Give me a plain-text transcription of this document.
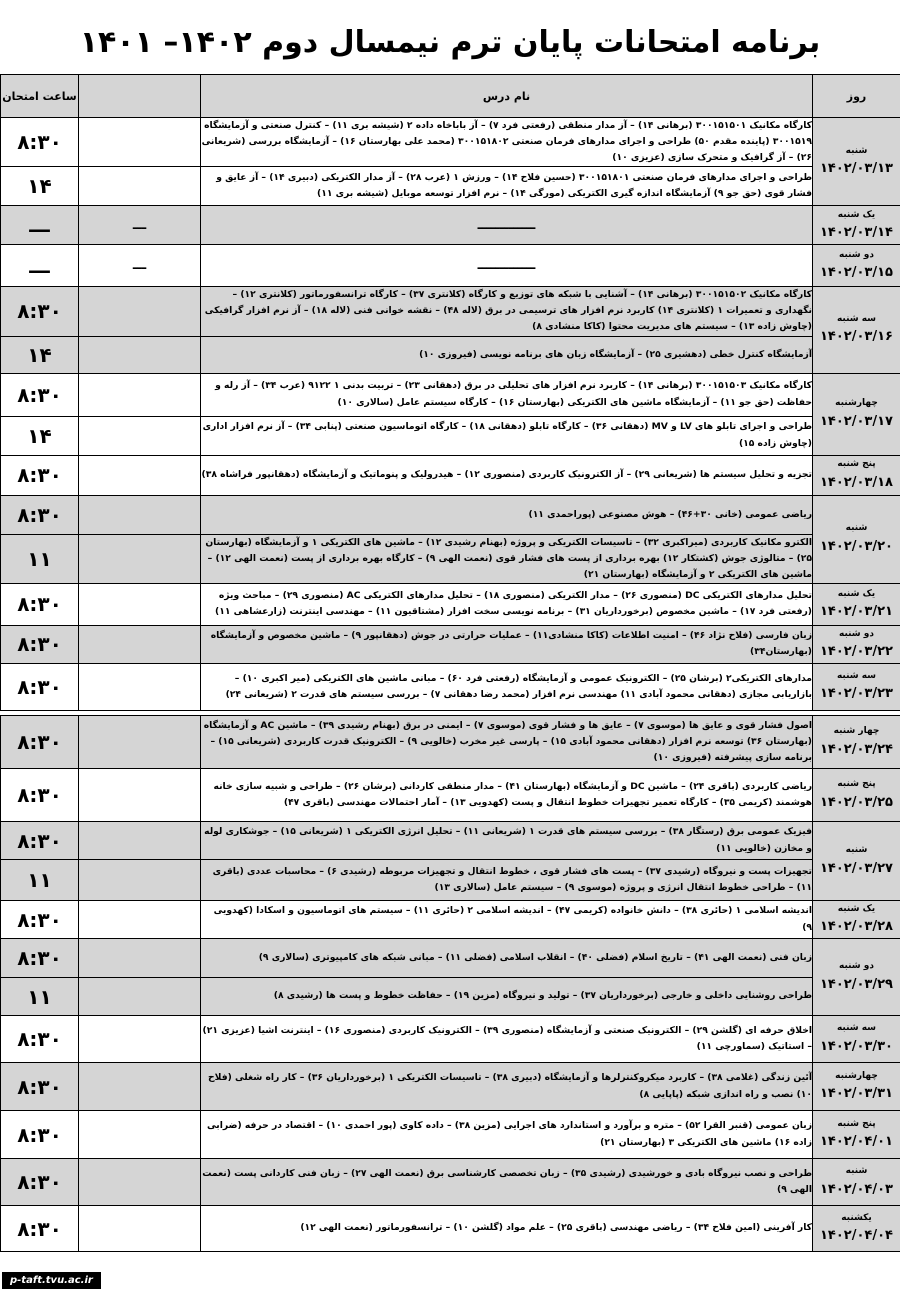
برنامه امتحانات پایان ترم نیمسال دوم ۱۴۰۲– ۱۴۰۱
روز	نام درس		ساعت امتحان

شنبه
۱۴۰۲/۰۳/۱۳	کارگاه مکانیک ۳۰۰۱۵۱۵۰۱ (برهانی ۱۴) – آز مدار منطقی (رفعتی فرد ۷) – آز باباخاه داده ۲ (شیشه بری ۱۱) – کنترل صنعتی و آزمایشگاه ۳۰۰۱۵۱۹ (پاینده مقدم ۵۰) طراحی و اجرای مدارهای فرمان صنعتی ۳۰۰۱۵۱۸۰۲ (محمد علی بهارستان ۱۶) – آزمایشگاه بررسی (شریعانی ۲۶) – آز گرافیک و متحرک سازی (عزیزی ۱۰)		۸:۳۰
	طراحی و اجرای مدارهای فرمان صنعتی ۳۰۰۱۵۱۸۰۱ (حسین فلاح ۱۴) – ورزش ۱ (عرب ۲۸) – آز مدار الکتریکی (دبیری ۱۴) – آز عایق و فشار قوی (حق جو ۹) آزمایشگاه اندازه گیری الکتریکی (مورگی ۱۴) – نرم افزار توسعه موبایل (شیشه بری ۱۱)		۱۴

یک شنبه
۱۴۰۲/۰۳/۱۴	ـــــــــــــ	ـــ	ـــ

دو شنبه
۱۴۰۲/۰۳/۱۵	ـــــــــــــ	ـــ	ـــ

سه شنبه
۱۴۰۲/۰۳/۱۶	کارگاه مکانیک ۳۰۰۱۵۱۵۰۲ (برهانی ۱۴) – آشنایی با شبکه های توزیع و کارگاه (کلانتری ۳۷) – کارگاه ترانسفورماتور (کلانتری ۱۲) – نگهداری و تعمیرات ۱ (کلانتری ۱۴) کاربرد نرم افزار های ترسیمی در برق (لاله ۴۸) – نقشه خوانی فنی (لاله ۱۸) – آز نرم افزار گرافیکی (چاوش زاده ۱۳) – سیستم های مدیریت محتوا (کاکا منشادی ۸)		۸:۳۰
	آزمایشگاه کنترل خطی (دهشیری ۲۵) – آزمایشگاه زبان های برنامه نویسی (فیروزی ۱۰)		۱۴

چهارشنبه
۱۴۰۲/۰۳/۱۷	کارگاه مکانیک ۳۰۰۱۵۱۵۰۳ (برهانی ۱۴) – کاربرد نرم افزار های تحلیلی در برق (دهقانی ۲۳) – تربیت بدنی ۱ ۹۱۲۲ (عرب ۳۴) – آز رله و حفاظت (حق جو ۱۱) – آزمایشگاه ماشین های الکتریکی (بهارستان ۱۶) – کارگاه سیستم عامل (سالاری ۱۰)		۸:۳۰
	طراحی و اجرای تابلو های LV و MV (دهقانی ۳۶) – کارگاه تابلو (دهقانی ۱۸) – کارگاه اتوماسیون صنعتی (پنابی ۳۴) – آز نرم افزار اداری (چاوش زاده ۱۵)		۱۴

پنج شنبه
۱۴۰۲/۰۳/۱۸	تجزیه و تحلیل سیستم ها (شریعانی ۲۹) – آز الکترونیک کاربردی (منصوری ۱۲) – هیدرولیک و پنوماتیک و آزمایشگاه (دهقانپور فراشاه ۳۸)		۸:۳۰

شنبه
۱۴۰۲/۰۳/۲۰	ریاضی عمومی (خانی ۳۰+۴۶) – هوش مصنوعی (پوراحمدی ۱۱)		۸:۳۰
	الکترو مکانیک کاربردی (میراکبری ۳۲) – تاسیسات الکتریکی و پروژه (بهنام رشیدی ۱۲) – ماشین های الکتریکی ۱ و آزمایشگاه (بهارستان ۲۵) – متالوژی جوش (کشتکار ۱۲) بهره برداری از پست های فشار قوی (نعمت الهی ۹) – کارگاه بهره برداری از پست (نعمت الهی ۱۲) – ماشین های الکتریکی ۲ و آزمایشگاه (بهارستان ۲۱)		۱۱

یک شنبه
۱۴۰۲/۰۳/۲۱	تحلیل مدارهای الکتریکی DC (منصوری ۲۶) – مدار الکتریکی (منصوری ۱۸) – تحلیل مدارهای الکتریکی AC (منصوری ۲۹) – مباحث ویژه (رفعتی فرد ۱۷) – ماشین مخصوص (برخورداریان ۳۱) – برنامه نویسی سخت افزار (مشتاقیون ۱۱) – مهندسی اینترنت (زارعشاهی ۱۱)		۸:۳۰

دو شنبه
۱۴۰۲/۰۳/۲۲	زبان فارسی (فلاح نژاد ۴۶) – امنیت اطلاعات (کاکا منشادی۱۱) – عملیات حرارتی در جوش (دهقانپور ۹) – ماشین مخصوص و آزمایشگاه (بهارستان۳۴)		۸:۳۰

سه شنبه
۱۴۰۲/۰۳/۲۳	مدارهای الکتریکی۲ (برشان ۲۵) – الکترونیک عمومی و آزمایشگاه (رفعتی فرد ۶۰) – مبانی ماشین های الکتریکی (میر اکبری ۱۰) – بازاریابی مجازی (دهقانی محمود آبادی ۱۱) مهندسی نرم افزار (محمد رضا دهقانی ۷) – بررسی سیستم های قدرت ۲ (شریعانی ۲۴)		۸:۳۰
چهار شنبه
۱۴۰۲/۰۳/۲۴	اصول فشار قوی و عایق ها (موسوی ۷) – عایق ها و فشار قوی (موسوی ۷) – ایمنی در برق (بهنام رشیدی ۳۹) – ماشین AC و آزمایشگاه (بهارستان ۳۶) توسعه نرم افزار (دهقانی محمود آبادی ۱۵) – پارسی غیر مخرب (خالویی ۹) – الکترونیک قدرت کاربردی (شریعانی ۱۵) – برنامه سازی پیشرفته (فیروزی ۱۰)		۸:۳۰

پنج شنبه
۱۴۰۲/۰۳/۲۵	ریاضی کاربردی (باقری ۲۴) – ماشین DC و آزمایشگاه (بهارستان ۴۱) – مدار منطقی کاردانی (برشان ۲۶) – طراحی و شبیه سازی خانه هوشمند (کریمی ۳۵) – کارگاه تعمیر تجهیزات خطوط انتقال و پست (کهدویی ۱۳) – آمار احتمالات مهندسی (باقری ۴۷)		۸:۳۰

شنبه
۱۴۰۲/۰۳/۲۷	فیزیک عمومی برق (رستگار ۳۸) – بررسی سیستم های قدرت ۱ (شریعانی ۱۱) – تحلیل انرژی الکتریکی ۱ (شریعانی ۱۵) – جوشکاری لوله و مخازن (خالویی ۱۱)		۸:۳۰
	تجهیزات پست و نیروگاه (رشیدی ۳۷) – پست های فشار قوی ، خطوط انتقال و تجهیزات مربوطه (رشیدی ۶) – محاسبات عددی (باقری ۱۱) – طراحی خطوط انتقال انرژی و پروژه (موسوی ۹) – سیستم عامل (سالاری ۱۳)		۱۱

یک شنبه
۱۴۰۲/۰۳/۲۸	اندیشه اسلامی ۱ (حائری ۳۸) – دانش خانواده (کریمی ۴۷) – اندیشه اسلامی ۲ (حائری ۱۱) – سیستم های اتوماسیون و اسکادا (کهدویی ۹)		۸:۳۰

دو شنبه
۱۴۰۲/۰۳/۲۹	زبان فنی (نعمت الهی ۴۱) – تاریخ اسلام (فضلی ۴۰) – انقلاب اسلامی (فضلی ۱۱) – مبانی شبکه های کامپیوتری (سالاری ۹)		۸:۳۰
	طراحی روشنایی داخلی و خارجی (برخورداریان ۳۷) – تولید و نیروگاه (مزین ۱۹) – حفاظت خطوط و پست ها (رشیدی ۸)		۱۱

سه شنبه
۱۴۰۲/۰۳/۳۰	اخلاق حرفه ای (گلشن ۲۹) – الکترونیک صنعتی و آزمایشگاه (منصوری ۳۹) – الکترونیک کاربردی (منصوری ۱۶) – اینترنت اشیا (عزیزی ۲۱) – استاتیک (سماورچی ۱۱)		۸:۳۰

چهارشنبه
۱۴۰۲/۰۳/۳۱	آئین زندگی (غلامی ۳۸) – کاربرد میکروکنترلرها و آزمایشگاه (دبیری ۳۸) – تاسیسات الکتریکی ۱ (برخورداریان ۳۶) – کار راه شغلی (فلاح ۱۰) نصب و راه اندازی شبکه (پاپایی ۸)		۸:۳۰

پنج شنبه
۱۴۰۲/۰۴/۰۱	زبان عمومی (قنبر القرا ۵۲) – متره و برآورد و استاندارد های اجرایی (مزین ۳۸) – داده کاوی (پور احمدی ۱۰) – اقتصاد در حرفه (ضرابی زاده ۱۶) ماشین های الکتریکی ۳ (بهارستان ۲۱)		۸:۳۰

شنبه
۱۴۰۲/۰۴/۰۳	طراحی و نصب نیروگاه بادی و خورشیدی (رشیدی ۳۵) – زبان تخصصی کارشناسی برق (نعمت الهی ۲۷) – زبان فنی کاردانی پست (نعمت الهی ۹)		۸:۳۰

یکشنبه
۱۴۰۲/۰۴/۰۴	کار آفرینی (امین فلاح ۳۴) – ریاضی مهندسی (باقری ۲۵) – علم مواد (گلشن ۱۰) – ترانسفورماتور (نعمت الهی ۱۲)		۸:۳۰
p-taft.tvu.ac.ir
